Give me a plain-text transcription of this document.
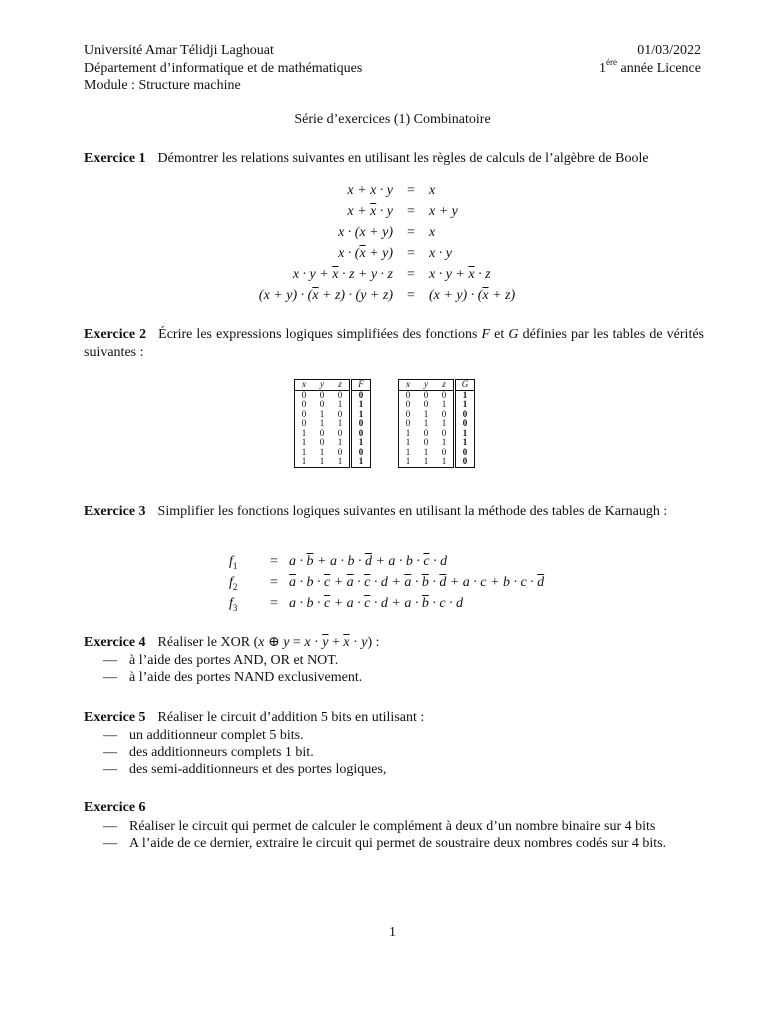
Université Amar Télidji Laghouat	01/03/2022
Département d’informatique et de mathématiques	$1^{ére}$ année Licence
Module : Structure machine
Série d’exercices (1) Combinatoire
Exercice 1 Démontrer les relations suivantes en utilisant les règles de calculs de l’algèbre de Boole
x + x · y	=	x
$x + \overline{x} \cdot y$	=	x + y
x · (x + y)	=	x
$x \cdot (\overline{x} + y)$	=	x · y
$x \cdot y + \overline{x} \cdot z + y \cdot z$	=	$x \cdot y + \overline{x} \cdot z$
$(x + y) \cdot (\overline{x} + z) \cdot (y + z)$	=	$(x + y) \cdot (\overline{x} + z)$
Exercice 2 Écrire les expressions logiques simplifiées des fonctions F et G définies par les tables de vérités suivantes :
x	y	z	F
0	0	0	0
0	0	1	1
0	1	0	1
0	1	1	0
1	0	0	0
1	0	1	1
1	1	0	0
1	1	1	1
x	y	z	G
0	0	0	1
0	0	1	1
0	1	0	0
0	1	1	0
1	0	0	1
1	0	1	1
1	1	0	0
1	1	1	0
Exercice 3 Simplifier les fonctions logiques suivantes en utilisant la méthode des tables de Karnaugh :
$f_1$	= $a \cdot \overline{b} + a \cdot b \cdot \overline{d} + a \cdot b \cdot \overline{c} \cdot d$
$f_2$	= $\overline{a} \cdot b \cdot \overline{c} + \overline{a} \cdot \overline{c} \cdot d + \overline{a} \cdot \overline{b} \cdot \overline{d} + a \cdot c + b \cdot c \cdot \overline{d}$
$f_3$	= $a \cdot b \cdot \overline{c} + a \cdot \overline{c} \cdot d + a \cdot \overline{b} \cdot c \cdot d$
Exercice 4 Réaliser le XOR (x ⊕ $y = x \cdot \overline{y} + \overline{x} \cdot y$) :
— à l’aide des portes AND, OR et NOT.
— à l’aide des portes NAND exclusivement.
Exercice 5 Réaliser le circuit d’addition 5 bits en utilisant :
— un additionneur complet 5 bits.
— des additionneurs complets 1 bit.
— des semi-additionneurs et des portes logiques,
Exercice 6
— Réaliser le circuit qui permet de calculer le complément à deux d’un nombre binaire sur 4 bits
— A l’aide de ce dernier, extraire le circuit qui permet de soustraire deux nombres codés sur 4 bits.
1
